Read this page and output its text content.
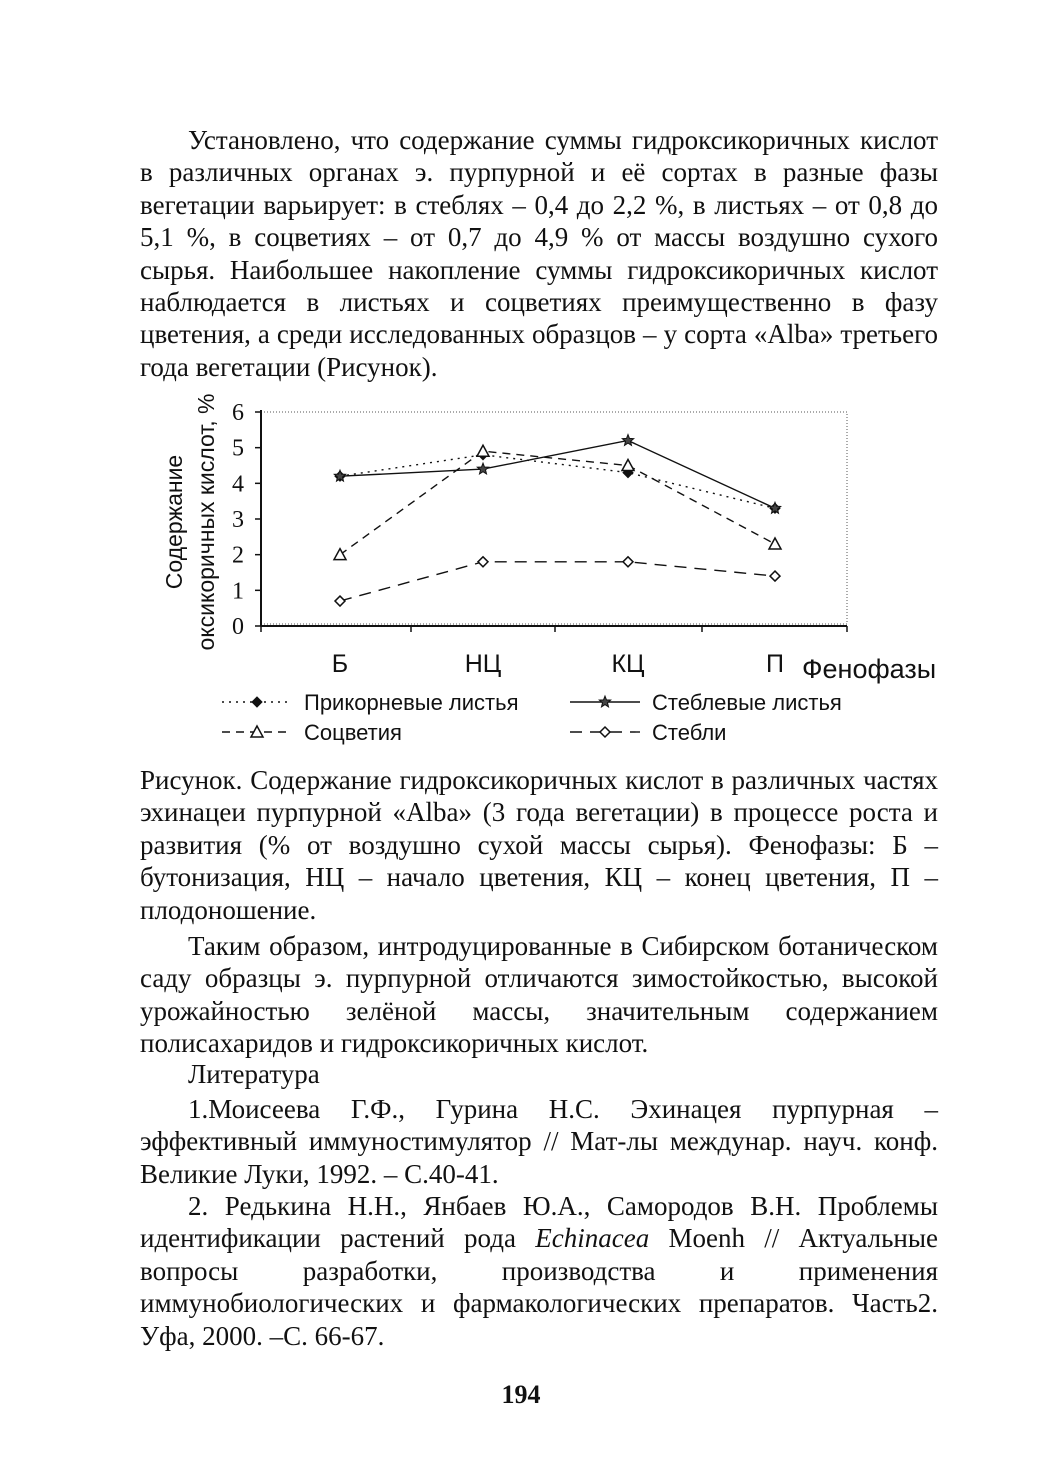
Установлено, что содержание суммы гидроксикоричных кислот в различных органах э. пурпурной и её сортах в разные фазы вегетации варьирует: в стеблях – 0,4 до 2,2 %, в листьях – от 0,8 до 5,1 %, в соцветиях – от 0,7 до 4,9 % от массы воздушно сухого сырья. Наибольшее накопление суммы гидроксикоричных кислот наблюдается в листьях и соцветиях преимущественно в фазу цветения, а среди исследованных образцов – у сорта «Alba» третьего года вегетации (Рисунок).

0
1
2
3
4
5
6
Б	НЦ	КЦ	П
Содержание оксикоричных кислот, %
Фенофазы
Прикорневые листья	Стеблевые листья
Соцветия	Стебли

Рисунок. Содержание гидроксикоричных кислот в различных частях эхинацеи пурпурной «Alba» (3 года вегетации) в процессе роста и развития (% от воздушно сухой массы сырья). Фенофазы: Б – бутонизация, НЦ – начало цветения, КЦ – конец цветения, П – плодоношение.

Таким образом, интродуцированные в Сибирском ботаническом саду образцы э. пурпурной отличаются зимостойкостью, высокой урожайностью зелёной массы, значительным содержанием полисахаридов и гидроксикоричных кислот.

Литература

1.Моисеева Г.Ф., Гурина Н.С. Эхинацея пурпурная – эффективный иммуностимулятор // Мат-лы междунар. науч. конф. Великие Луки, 1992. – С.40-41.

2. Редькина Н.Н., Янбаев Ю.А., Самородов В.Н. Проблемы идентификации растений рода Echinacea Moenh // Актуальные вопросы разработки, производства и применения иммунобиологических и фармакологических препаратов. Часть2. Уфа, 2000. –С. 66-67.

194
